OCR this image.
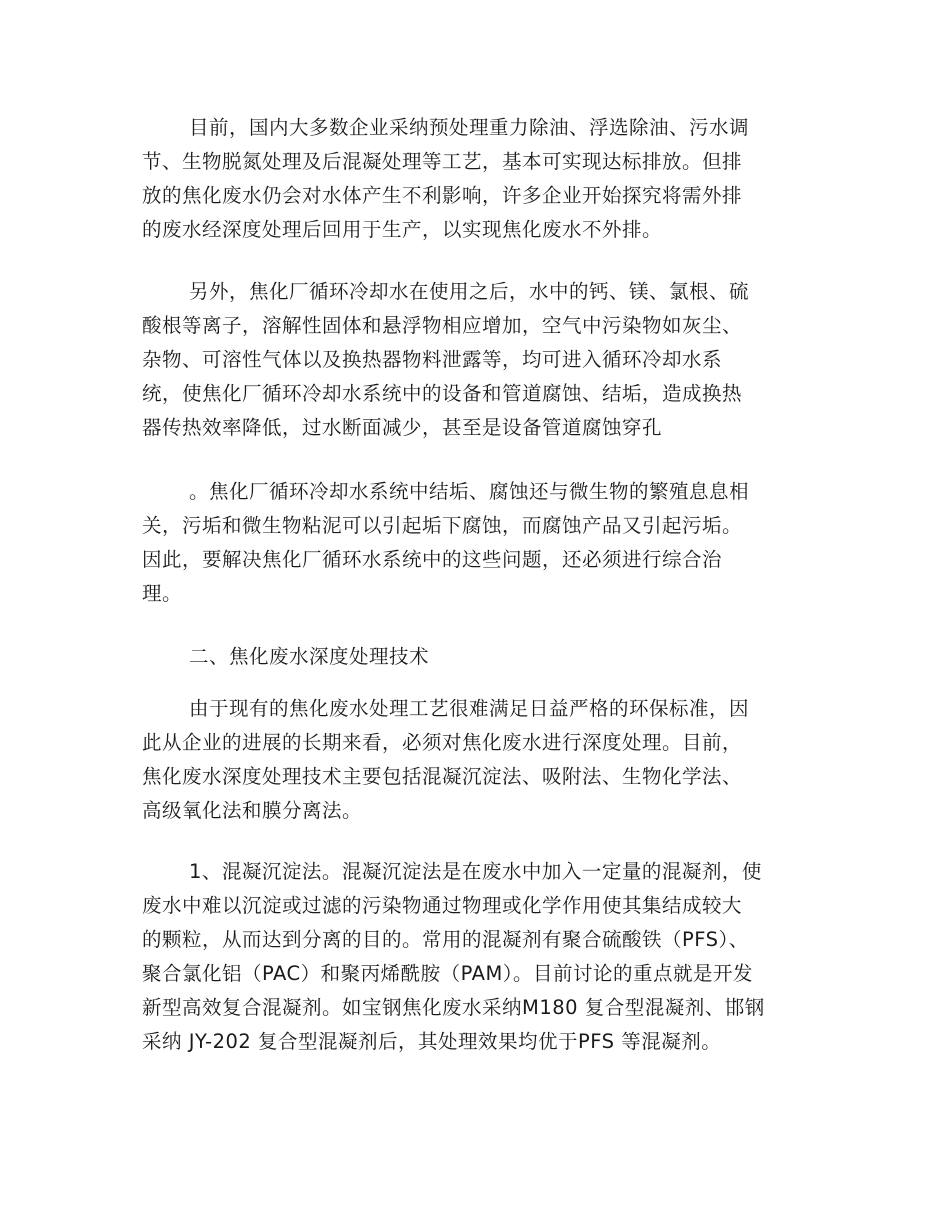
目前，国内大多数企业采纳预处理重力除油、浮选除油、污水调
节、生物脱氮处理及后混凝处理等工艺，基本可实现达标排放。但排
放的焦化废水仍会对水体产生不利影响，许多企业开始探究将需外排
的废水经深度处理后回用于生产，以实现焦化废水不外排。
另外，焦化厂循环冷却水在使用之后，水中的钙、镁、氯根、硫
酸根等离子，溶解性固体和悬浮物相应增加，空气中污染物如灰尘、
杂物、可溶性气体以及换热器物料泄露等，均可进入循环冷却水系
统，使焦化厂循环冷却水系统中的设备和管道腐蚀、结垢，造成换热
器传热效率降低，过水断面减少，甚至是设备管道腐蚀穿孔
。焦化厂循环冷却水系统中结垢、腐蚀还与微生物的繁殖息息相
关，污垢和微生物粘泥可以引起垢下腐蚀，而腐蚀产品又引起污垢。
因此，要解决焦化厂循环水系统中的这些问题，还必须进行综合治
理。
二、焦化废水深度处理技术
由于现有的焦化废水处理工艺很难满足日益严格的环保标准，因
此从企业的进展的长期来看，必须对焦化废水进行深度处理。目前，
焦化废水深度处理技术主要包括混凝沉淀法、吸附法、生物化学法、
高级氧化法和膜分离法。
1、混凝沉淀法。混凝沉淀法是在废水中加入一定量的混凝剂，使
废水中难以沉淀或过滤的污染物通过物理或化学作用使其集结成较大
的颗粒，从而达到分离的目的。常用的混凝剂有聚合硫酸铁（PFS）、
聚合氯化铝（PAC）和聚丙烯酰胺（PAM）。目前讨论的重点就是开发
新型高效复合混凝剂。如宝钢焦化废水采纳M180 复合型混凝剂、邯钢
采纳 JY-202 复合型混凝剂后，其处理效果均优于PFS 等混凝剂。
